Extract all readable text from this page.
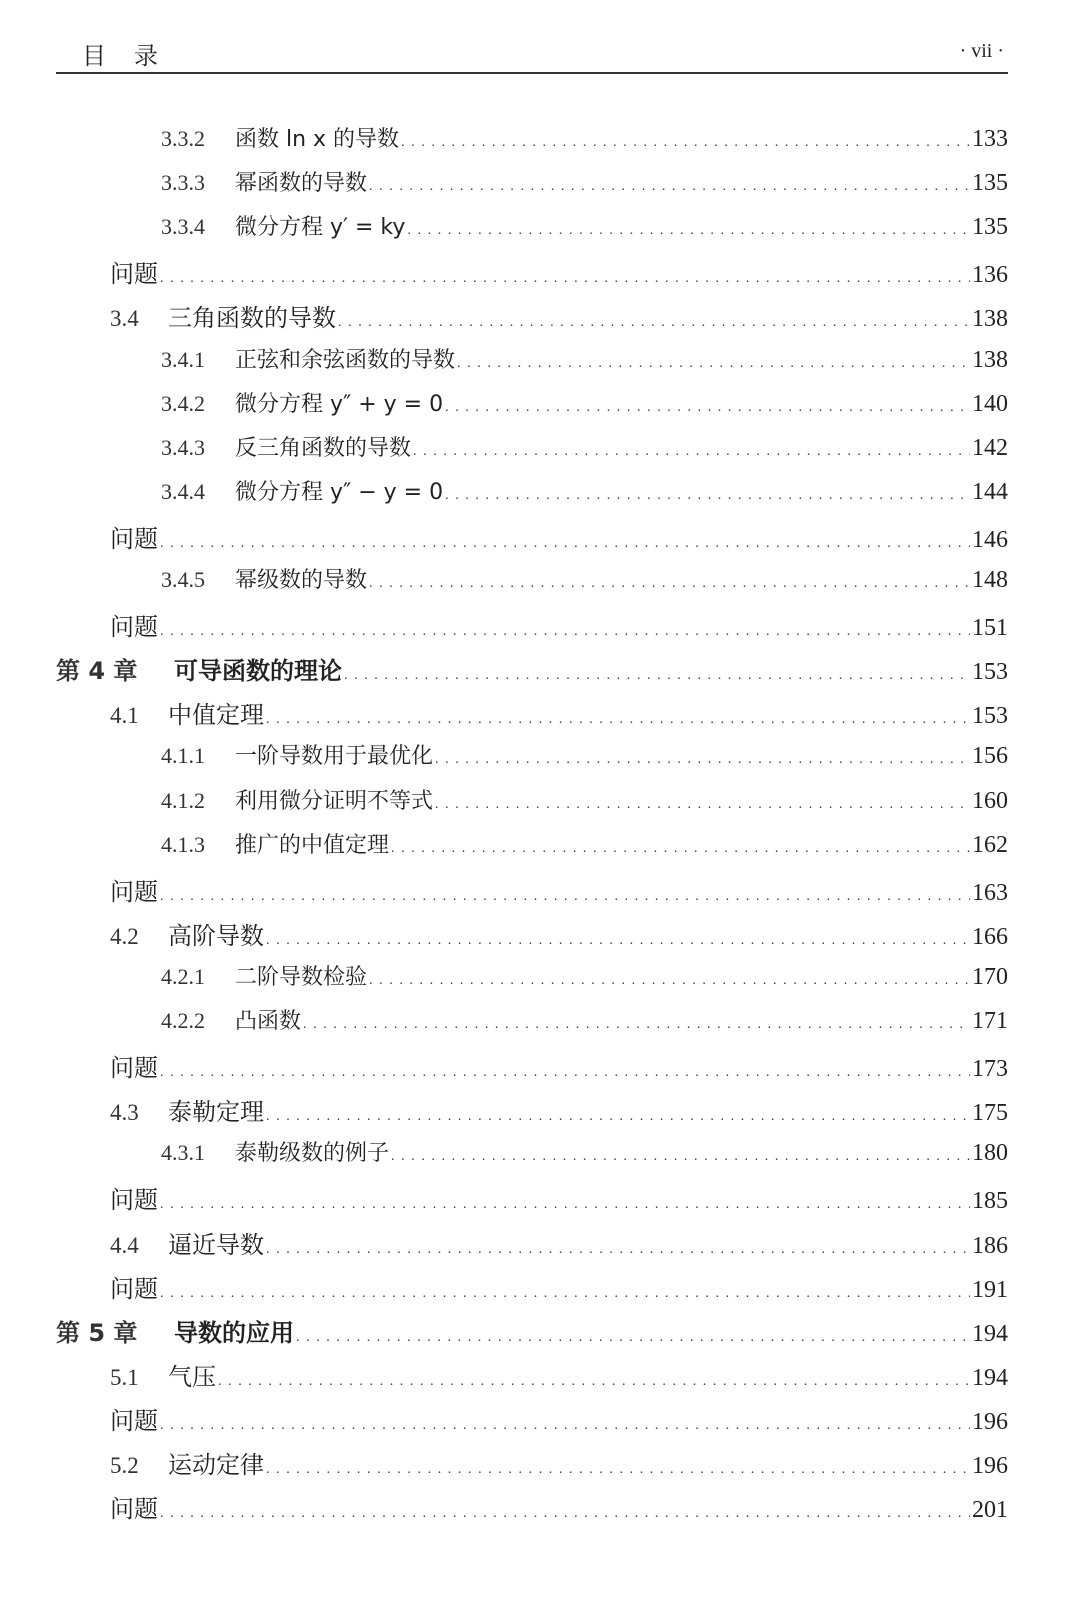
目录	· vii ·
3.3.2	函数 ln x 的导数 .....	133
3.3.3	幂函数的导数 .....	135
3.3.4	微分方程 y′ = ky .....	135
问题 .....	136
3.4	三角函数的导数 .....	138
3.4.1	正弦和余弦函数的导数 .....	138
3.4.2	微分方程 y″ + y = 0 .....	140
3.4.3	反三角函数的导数 .....	142
3.4.4	微分方程 y″ − y = 0 .....	144
问题 .....	146
3.4.5	幂级数的导数 .....	148
问题 .....	151
第 4 章	可导函数的理论 .....	153
4.1	中值定理 .....	153
4.1.1	一阶导数用于最优化 .....	156
4.1.2	利用微分证明不等式 .....	160
4.1.3	推广的中值定理 .....	162
问题 .....	163
4.2	高阶导数 .....	166
4.2.1	二阶导数检验 .....	170
4.2.2	凸函数 .....	171
问题 .....	173
4.3	泰勒定理 .....	175
4.3.1	泰勒级数的例子 .....	180
问题 .....	185
4.4	逼近导数 .....	186
问题 .....	191
第 5 章	导数的应用 .....	194
5.1	气压 .....	194
问题 .....	196
5.2	运动定律 .....	196
问题 .....	201
